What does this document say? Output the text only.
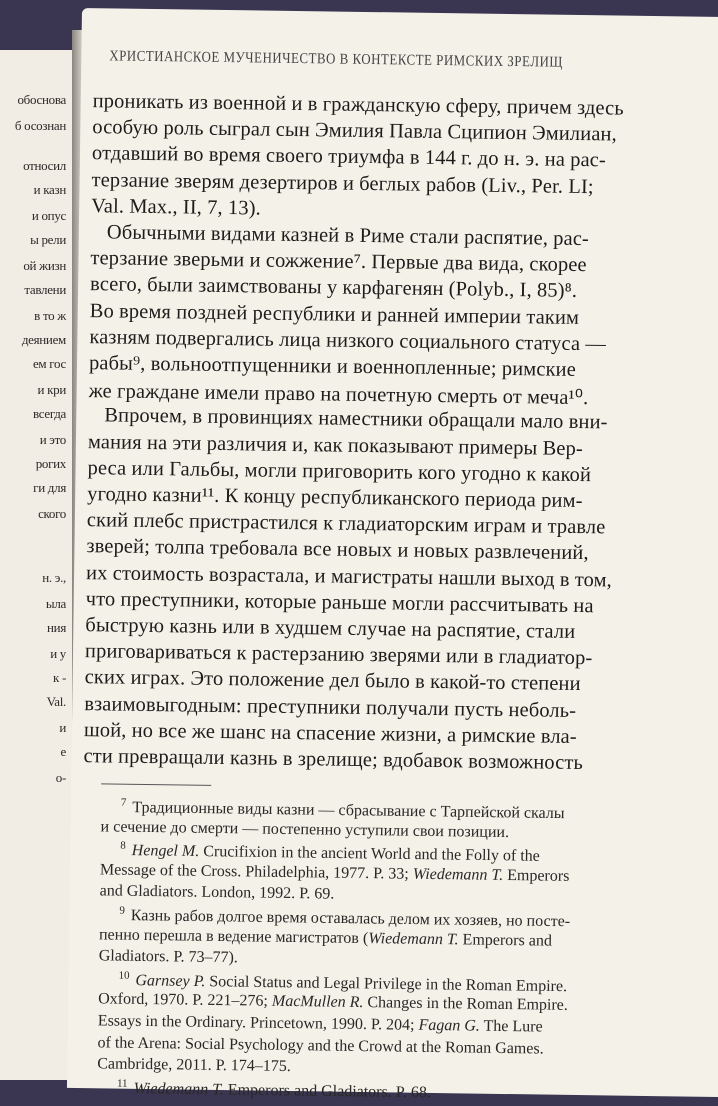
обоснова
б осознан
относил
и казн
и опус
ы рели
ой жизн
тавлени
в то ж
деянием
ем гос
и кри
всегда
и это
рогих
ги для
ского
н. э.,
ыла
ния
и у
к -
Val.
и
е
о-
ХРИСТИАНСКОЕ МУЧЕНИЧЕСТВО В КОНТЕКСТЕ РИМСКИХ ЗРЕЛИЩ
проникать из военной и в гражданскую сферу, причем здесь
особую роль сыграл сын Эмилия Павла Сципион Эмилиан,
отдавший во время своего триумфа в 144 г. до н. э. на рас-
терзание зверям дезертиров и беглых рабов (Liv., Per. LI;
Val. Max., II, 7, 13).
Обычными видами казней в Риме стали распятие, рас-
терзание зверьми и сожжение⁷. Первые два вида, скорее
всего, были заимствованы у карфагенян (Polyb., I, 85)⁸.
Во время поздней республики и ранней империи таким
казням подвергались лица низкого социального статуса —
рабы⁹, вольноотпущенники и военнопленные; римские
же граждане имели право на почетную смерть от меча¹⁰.
Впрочем, в провинциях наместники обращали мало вни-
мания на эти различия и, как показывают примеры Вер-
реса или Гальбы, могли приговорить кого угодно к какой
угодно казни¹¹. К концу республиканского периода рим-
ский плебс пристрастился к гладиаторским играм и травле
зверей; толпа требовала все новых и новых развлечений,
их стоимость возрастала, и магистраты нашли выход в том,
что преступники, которые раньше могли рассчитывать на
быструю казнь или в худшем случае на распятие, стали
приговариваться к растерзанию зверями или в гладиатор-
ских играх. Это положение дел было в какой-то степени
взаимовыгодным: преступники получали пусть неболь-
шой, но все же шанс на спасение жизни, а римские вла-
сти превращали казнь в зрелище; вдобавок возможность
$^7$ Традиционные виды казни — сбрасывание с Тарпейской скалы
и сечение до смерти — постепенно уступили свои позиции.
$^8$ Hengel M. Crucifixion in the ancient World and the Folly of the
Message of the Cross. Philadelphia, 1977. P. 33; Wiedemann T. Emperors
and Gladiators. London, 1992. P. 69.
$^9$ Казнь рабов долгое время оставалась делом их хозяев, но посте-
пенно перешла в ведение магистратов (Wiedemann T. Emperors and
Gladiators. P. 73–77).
$^{10}$ Garnsey P. Social Status and Legal Privilege in the Roman Empire.
Oxford, 1970. P. 221–276; MacMullen R. Changes in the Roman Empire.
Essays in the Ordinary. Princetown, 1990. P. 204; Fagan G. The Lure
of the Arena: Social Psychology and the Crowd at the Roman Games.
Cambridge, 2011. P. 174–175.
$^{11}$ Wiedemann T. Emperors and Gladiators. P. 68.
